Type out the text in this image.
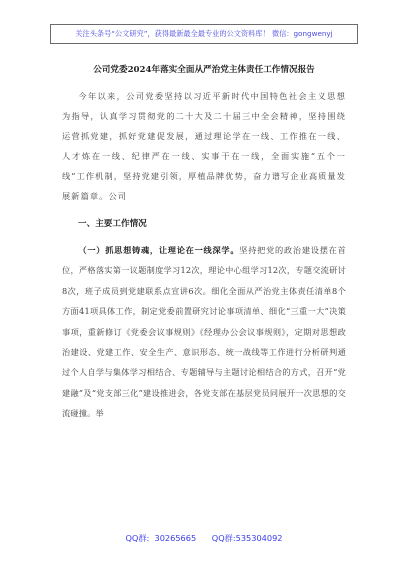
关注头条号“公文研究”，获得最新最全最专业的公文资料库！ 微信：gongwenyj
公司党委2024年落实全面从严治党主体责任工作情况报告

今年以来，公司党委坚持以习近平新时代中国特色社会主义思想为指导，认真学习贯彻党的二十大及二十届三中全会精神，坚持围绕运营抓党建，抓好党建促发展，通过理论学在一线、工作推在一线、人才炼在一线、纪律严在一线、实事干在一线，全面实施“五个一线”工作机制，坚持党建引领，厚植品牌优势，奋力谱写企业高质量发展新篇章。公司

一、主要工作情况

（一）抓思想铸魂，让理论在一线深学。坚持把党的政治建设摆在首位，严格落实第一议题制度学习12次，理论中心组学习12次，专题交流研讨8次，班子成员到党建联系点宣讲6次。细化全面从严治党主体责任清单8个方面41项具体工作，制定党委前置研究讨论事项清单、细化“三重一大”决策事项，重新修订《党委会议事规则》《经理办公会议事规则》，定期对思想政治建设、党建工作、安全生产、意识形态、统一战线等工作进行分析研判通过个人自学与集体学习相结合、专题辅导与主题讨论相结合的方式，召开“党建融”及“党支部三化”建设推进会，各党支部在基层党员同展开一次思想的交流碰撞。举

QQ群:  30265665      QQ群:535304092
